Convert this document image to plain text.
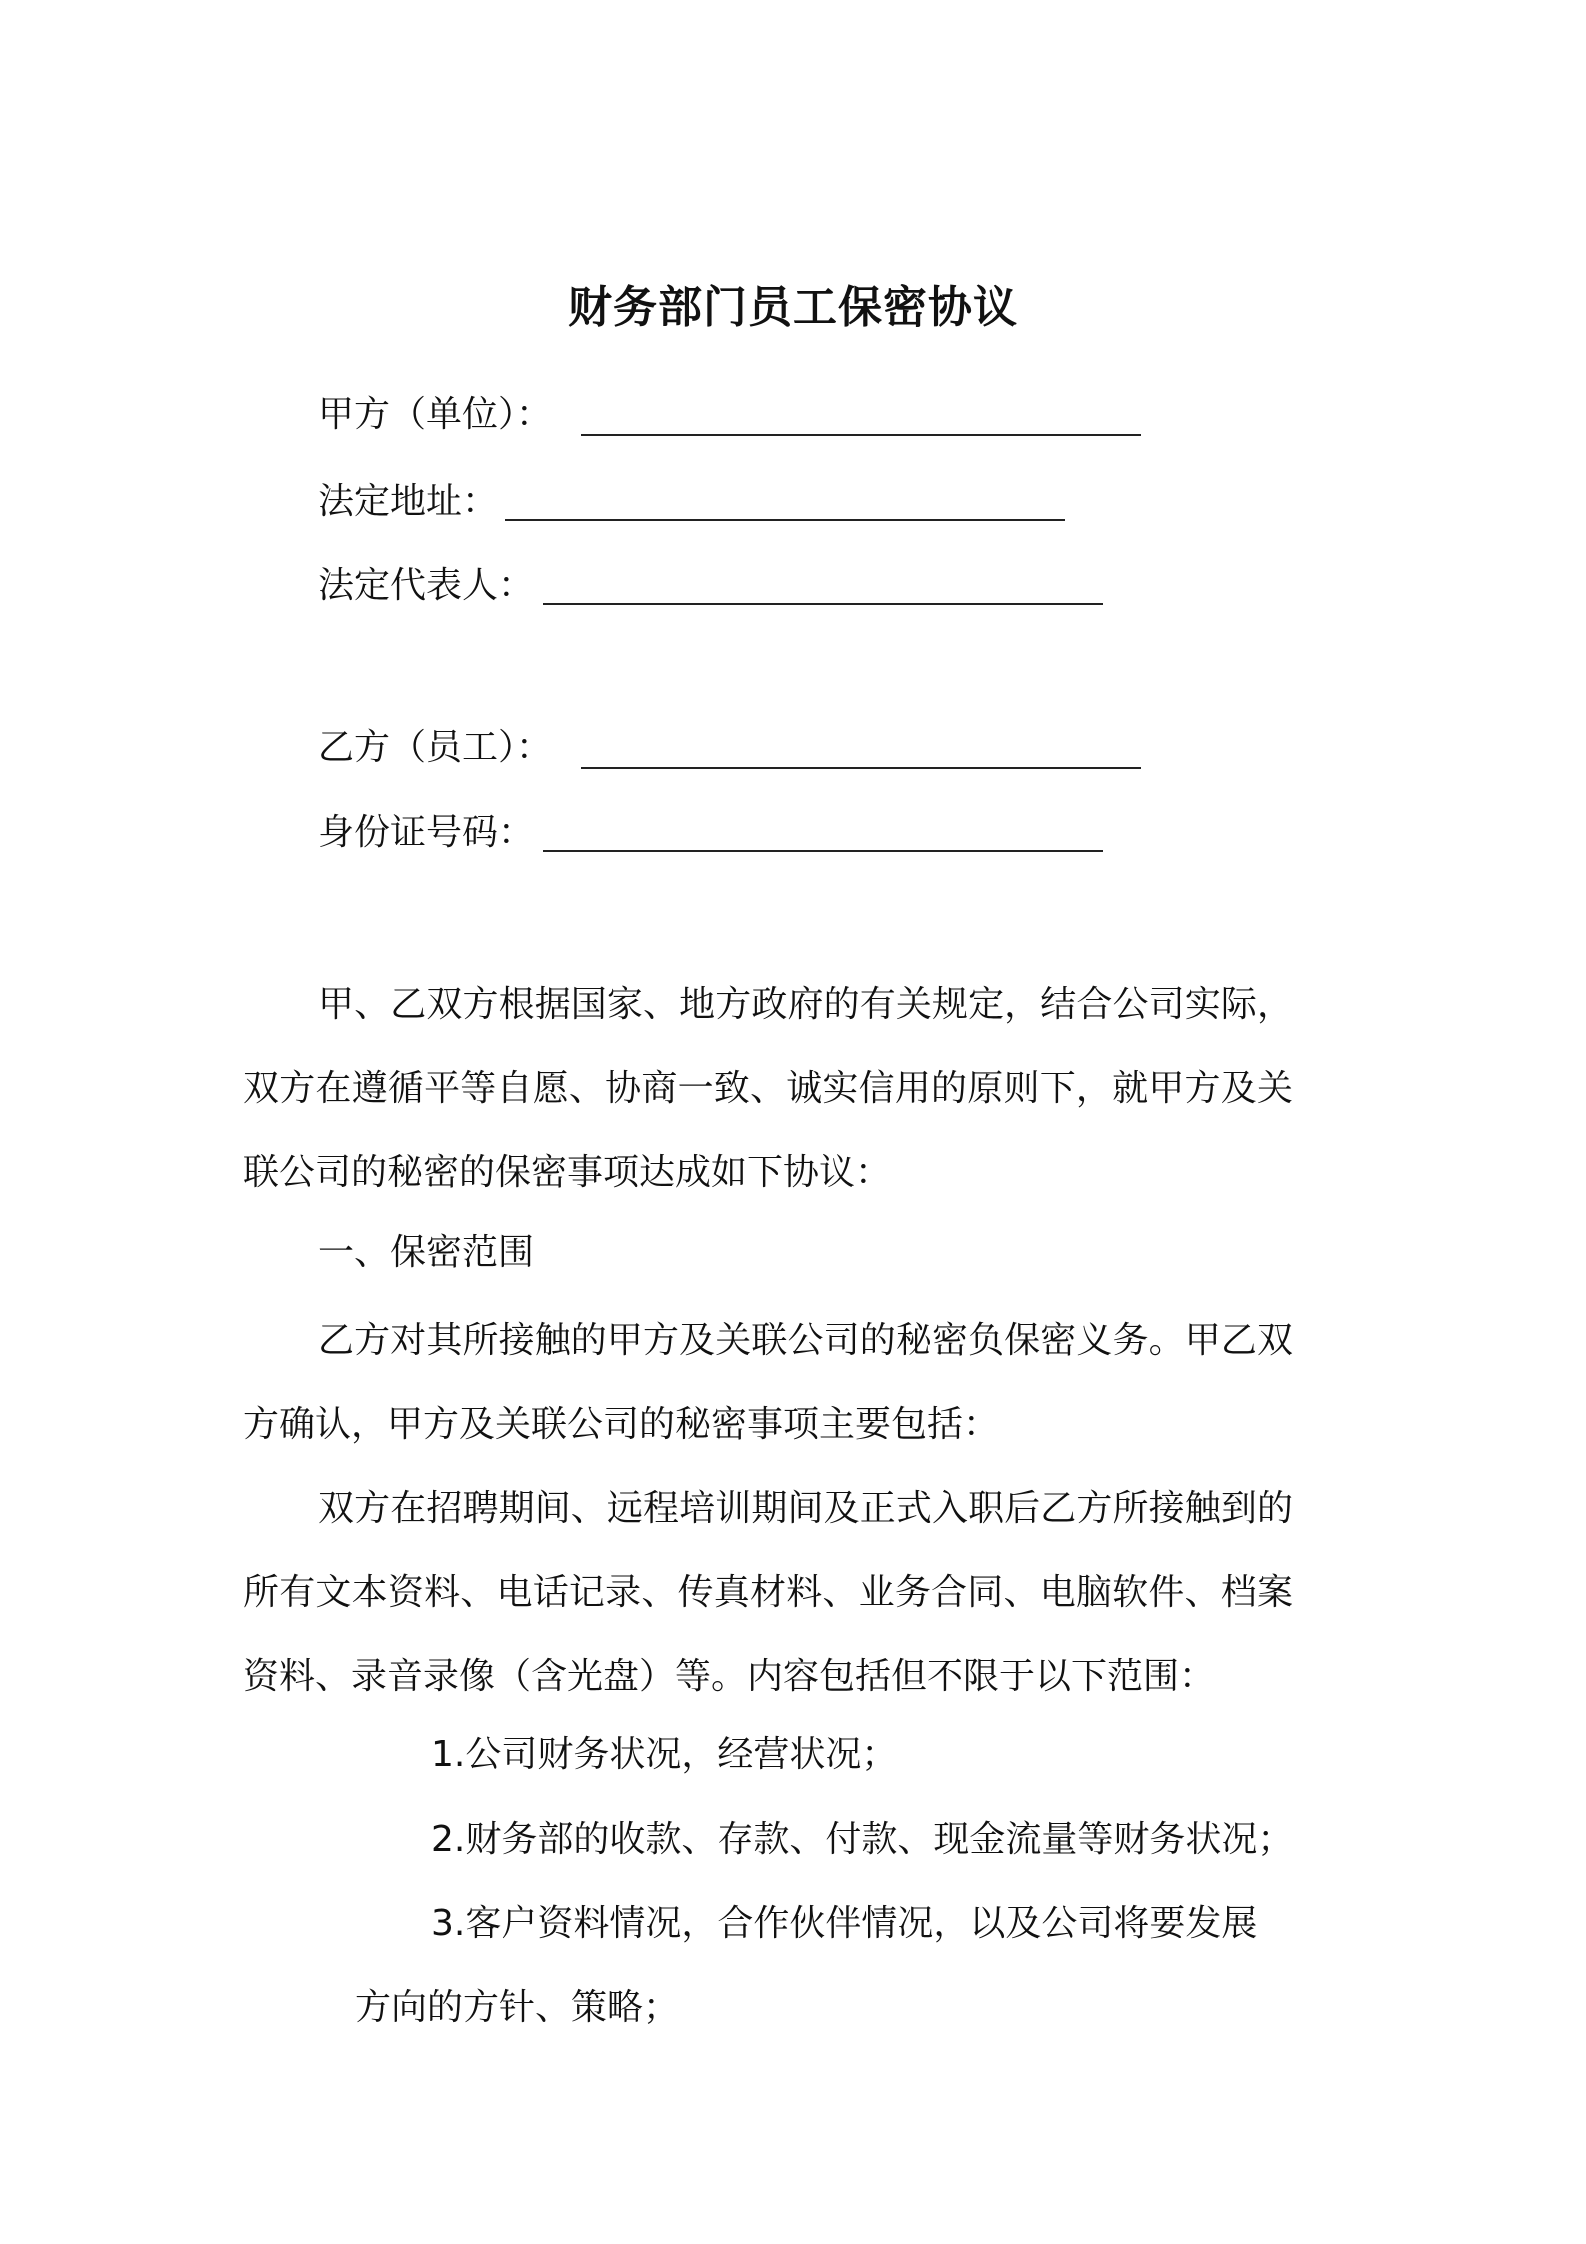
财务部门员工保密协议
甲方（单位）：
法定地址：
法定代表人：
乙方（员工）：
身份证号码：
甲、乙双方根据国家、地方政府的有关规定，结合公司实际，双方在遵循平等自愿、协商一致、诚实信用的原则下，就甲方及关联公司的秘密的保密事项达成如下协议：
一、保密范围
乙方对其所接触的甲方及关联公司的秘密负保密义务。甲乙双方确认，甲方及关联公司的秘密事项主要包括：
双方在招聘期间、远程培训期间及正式入职后乙方所接触到的所有文本资料、电话记录、传真材料、业务合同、电脑软件、档案资料、录音录像（含光盘）等。内容包括但不限于以下范围：
1.公司财务状况，经营状况；
2.财务部的收款、存款、付款、现金流量等财务状况；
3.客户资料情况，合作伙伴情况，以及公司将要发展
方向的方针、策略；
